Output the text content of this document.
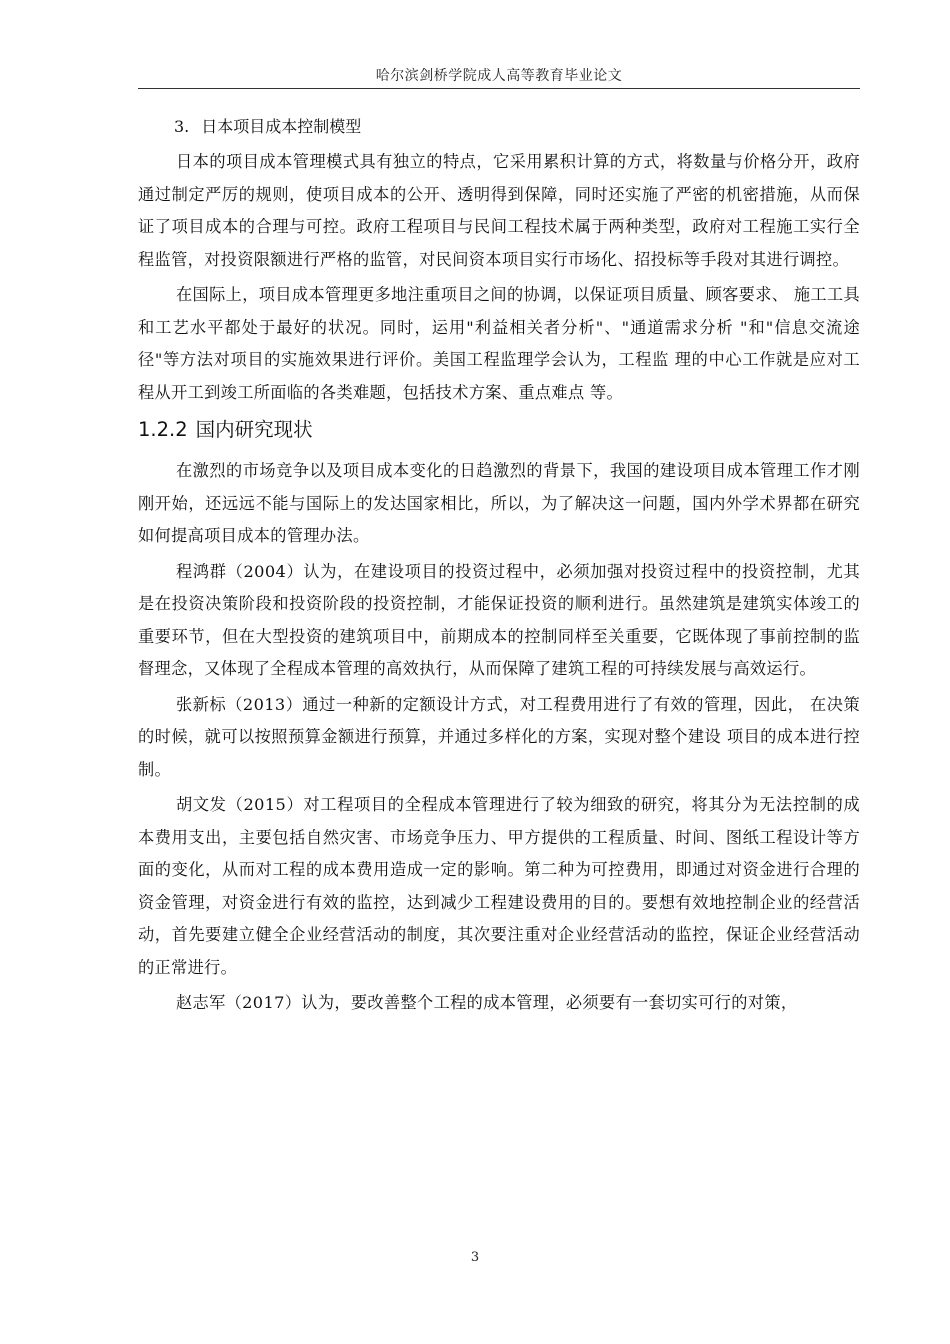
哈尔滨剑桥学院成人高等教育毕业论文
3. 日本项目成本控制模型

日本的项目成本管理模式具有独立的特点，它采用累积计算的方式，将数量与价格分开，政府通过制定严厉的规则，使项目成本的公开、透明得到保障，同时还实施了严密的机密措施，从而保证了项目成本的合理与可控。政府工程项目与民间工程技术属于两种类型，政府对工程施工实行全程监管，对投资限额进行严格的监管，对民间资本项目实行市场化、招投标等手段对其进行调控。

在国际上，项目成本管理更多地注重项目之间的协调，以保证项目质量、顾客要求、 施工工具和工艺水平都处于最好的状况。同时，运用"利益相关者分析"、"通道需求分析 "和"信息交流途径"等方法对项目的实施效果进行评价。美国工程监理学会认为，工程监 理的中心工作就是应对工程从开工到竣工所面临的各类难题，包括技术方案、重点难点 等。

1.2.2 国内研究现状

在激烈的市场竞争以及项目成本变化的日趋激烈的背景下，我国的建设项目成本管理工作才刚刚开始，还远远不能与国际上的发达国家相比，所以，为了解决这一问题，国内外学术界都在研究如何提高项目成本的管理办法。

程鸿群（2004）认为，在建设项目的投资过程中，必须加强对投资过程中的投资控制，尤其是在投资决策阶段和投资阶段的投资控制，才能保证投资的顺利进行。虽然建筑是建筑实体竣工的重要环节，但在大型投资的建筑项目中，前期成本的控制同样至关重要，它既体现了事前控制的监督理念，又体现了全程成本管理的高效执行，从而保障了建筑工程的可持续发展与高效运行。

张新标（2013）通过一种新的定额设计方式，对工程费用进行了有效的管理，因此， 在决策的时候，就可以按照预算金额进行预算，并通过多样化的方案，实现对整个建设 项目的成本进行控制。

胡文发（2015）对工程项目的全程成本管理进行了较为细致的研究，将其分为无法控制的成本费用支出，主要包括自然灾害、市场竞争压力、甲方提供的工程质量、时间、图纸工程设计等方面的变化，从而对工程的成本费用造成一定的影响。第二种为可控费用，即通过对资金进行合理的资金管理，对资金进行有效的监控，达到减少工程建设费用的目的。要想有效地控制企业的经营活动，首先要建立健全企业经营活动的制度，其次要注重对企业经营活动的监控，保证企业经营活动的正常进行。

赵志军（2017）认为，要改善整个工程的成本管理，必须要有一套切实可行的对策，

3
